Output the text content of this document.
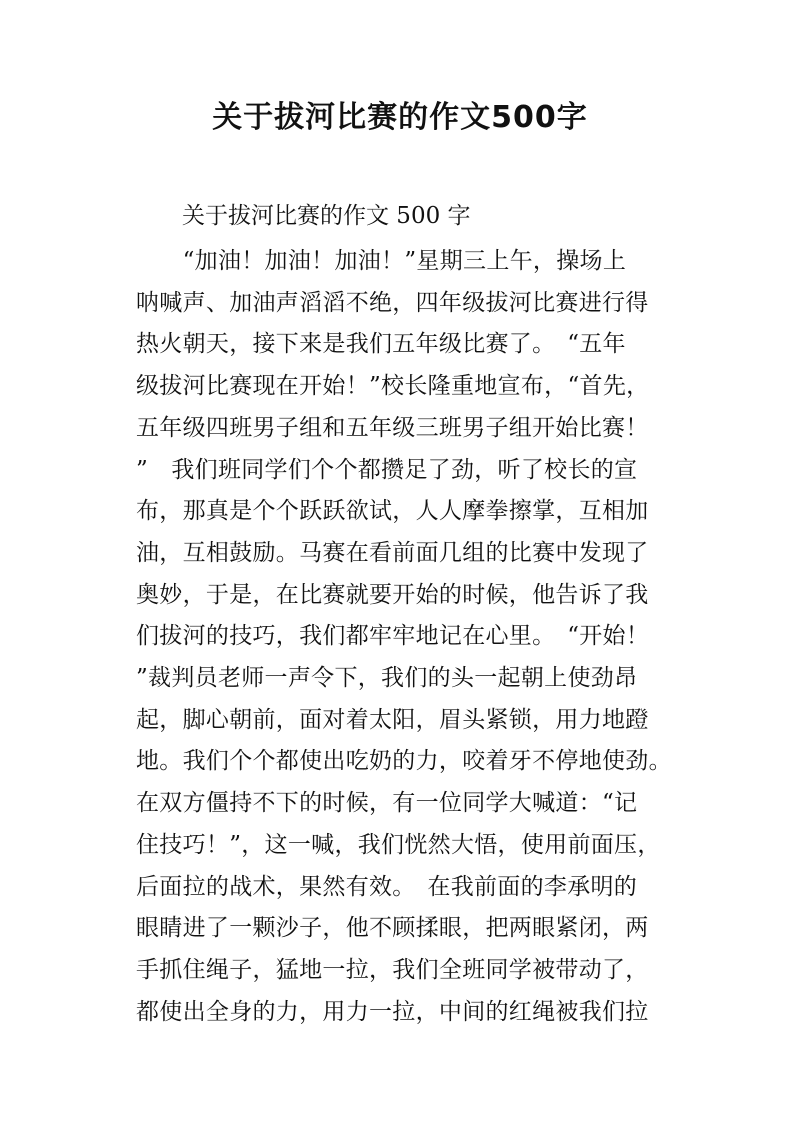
关于拔河比赛的作文500字
关于拔河比赛的作文 500 字
　　“加油！加油！加油！”星期三上午，操场上
呐喊声、加油声滔滔不绝，四年级拔河比赛进行得
热火朝天，接下来是我们五年级比赛了。　“五年
级拔河比赛现在开始！”校长隆重地宣布，“首先，
五年级四班男子组和五年级三班男子组开始比赛！
”　我们班同学们个个都攒足了劲，听了校长的宣
布，那真是个个跃跃欲试，人人摩拳擦掌，互相加
油，互相鼓励。马赛在看前面几组的比赛中发现了
奥妙，于是，在比赛就要开始的时候，他告诉了我
们拔河的技巧，我们都牢牢地记在心里。　“开始！
”裁判员老师一声令下，我们的头一起朝上使劲昂
起，脚心朝前，面对着太阳，眉头紧锁，用力地蹬
地。我们个个都使出吃奶的力，咬着牙不停地使劲。
在双方僵持不下的时候，有一位同学大喊道：“记
住技巧！”，这一喊，我们恍然大悟，使用前面压，
后面拉的战术，果然有效。　在我前面的李承明的
眼睛进了一颗沙子，他不顾揉眼，把两眼紧闭，两
手抓住绳子，猛地一拉，我们全班同学被带动了，
都使出全身的力，用力一拉，中间的红绳被我们拉
